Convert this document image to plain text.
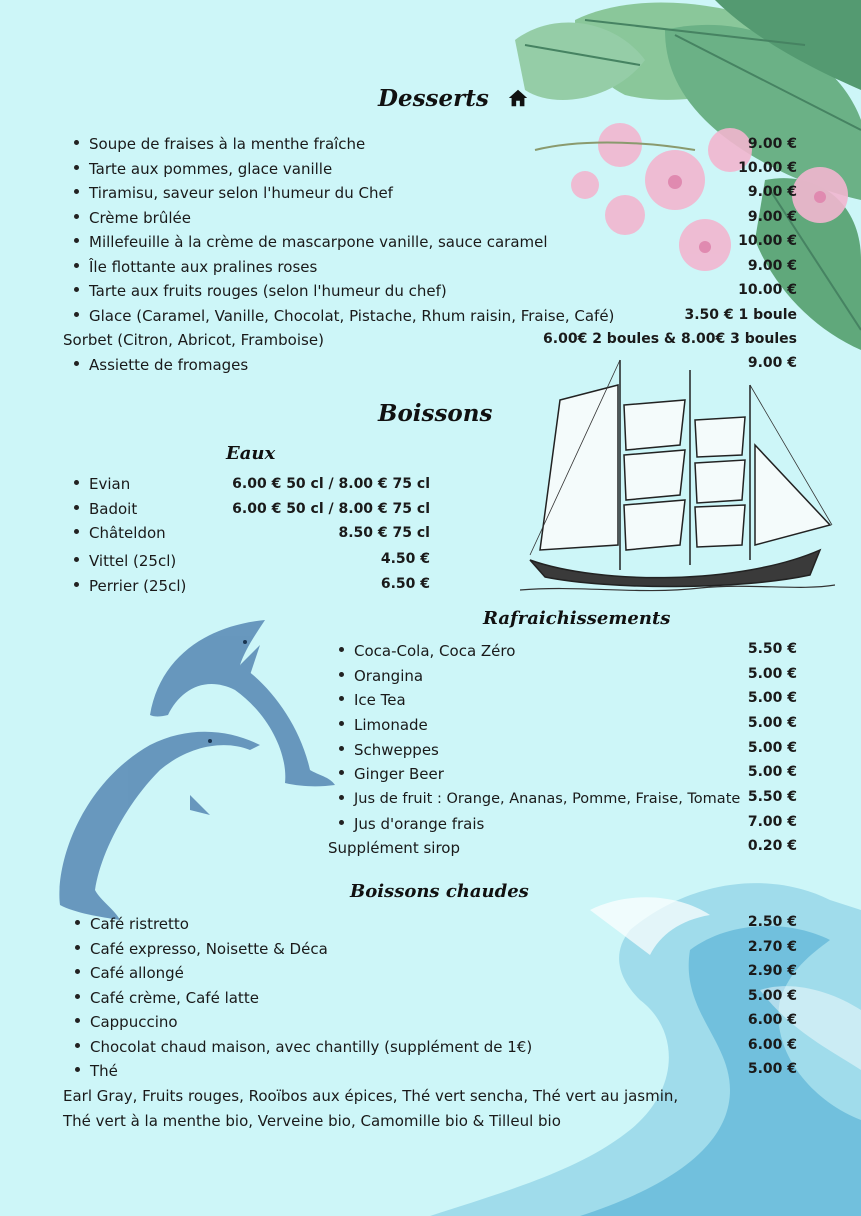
Desserts
Soupe de fraises à la menthe fraîche	9.00 €
Tarte aux pommes, glace vanille	10.00 €
Tiramisu, saveur selon l'humeur du Chef	9.00 €
Crème brûlée	9.00 €
Millefeuille à la crème de mascarpone vanille, sauce caramel	10.00 €
Île flottante aux pralines roses	9.00 €
Tarte aux fruits rouges (selon l'humeur du chef)	10.00 €
Glace (Caramel, Vanille, Chocolat, Pistache, Rhum raisin, Fraise, Café)	3.50 € 1 boule
Sorbet (Citron, Abricot, Framboise)	6.00€ 2 boules & 8.00€ 3 boules
Assiette de fromages	9.00 €
Boissons
Eaux
Evian	6.00 € 50 cl / 8.00 € 75 cl
Badoit	6.00 € 50 cl / 8.00 € 75 cl
Châteldon	8.50 € 75 cl
Vittel (25cl)	4.50 €
Perrier (25cl)	6.50 €
Rafraichissements
Coca-Cola, Coca Zéro	5.50 €
Orangina	5.00 €
Ice Tea	5.00 €
Limonade	5.00 €
Schweppes	5.00 €
Ginger Beer	5.00 €
Jus de fruit : Orange, Ananas, Pomme, Fraise, Tomate 5.50 €
Jus d'orange frais	7.00 €
Supplément sirop	0.20 €
Boissons chaudes
Café ristretto	2.50 €
Café expresso, Noisette & Déca	2.70 €
Café allongé	2.90 €
Café crème, Café latte	5.00 €
Cappuccino	6.00 €
Chocolat chaud maison, avec chantilly (supplément de 1€)	6.00 €
Thé	5.00 €
Earl Gray, Fruits rouges, Rooïbos aux épices, Thé vert sencha, Thé vert au jasmin, Thé vert à la menthe bio, Verveine bio, Camomille bio & Tilleul bio
